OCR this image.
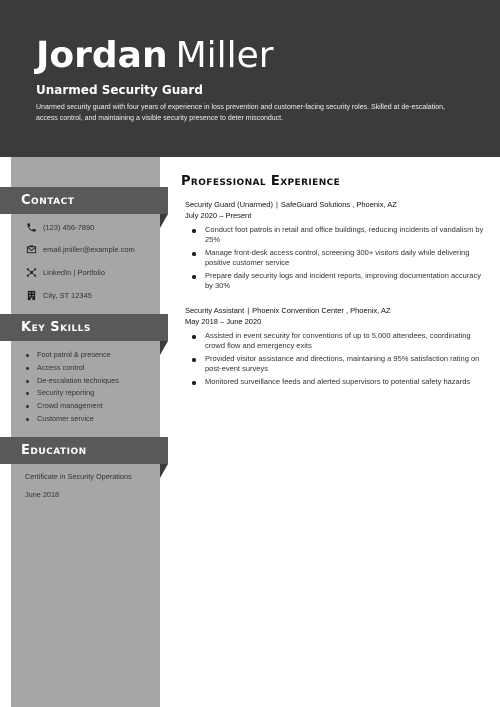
Jordan Miller
Unarmed Security Guard
Unarmed security guard with four years of experience in loss prevention and customer-facing security roles. Skilled at de-escalation, access control, and maintaining a visible security presence to deter misconduct.
Contact
(123) 456-7890
email.jmiller@example.com
LinkedIn | Portfolio
City, ST 12345
Key Skills
Foot patrol & presence
Access control
De-escalation techniques
Security reporting
Crowd management
Customer service
Education
Certificate in Security Operations
June 2018
Professional Experience
Security Guard (Unarmed) | SafeGuard Solutions , Phoenix, AZ
July 2020 – Present
Conduct foot patrols in retail and office buildings, reducing incidents of vandalism by 25%
Manage front-desk access control, screening 300+ visitors daily while delivering positive customer service
Prepare daily security logs and incident reports, improving documentation accuracy by 30%
Security Assistant | Phoenix Convention Center , Phoenix, AZ
May 2018 – June 2020
Assisted in event security for conventions of up to 5,000 attendees, coordinating crowd flow and emergency exits
Provided visitor assistance and directions, maintaining a 95% satisfaction rating on post-event surveys
Monitored surveillance feeds and alerted supervisors to potential safety hazards
